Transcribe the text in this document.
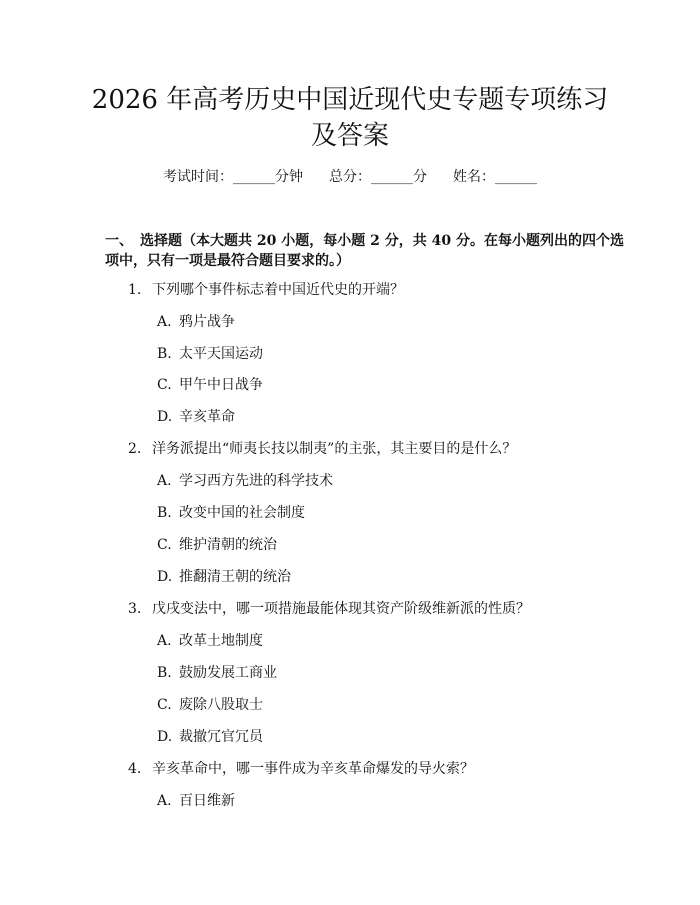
2026 年高考历史中国近现代史专题专项练习
及答案
考试时间：______分钟 总分：______分 姓名：______
一、　选择题（本大题共 20 小题，每小题 2 分，共 40 分。在每小题列出的四个选
项中，只有一项是最符合题目要求的。）
1. 下列哪个事件标志着中国近代史的开端？
A. 鸦片战争
B. 太平天国运动
C. 甲午中日战争
D. 辛亥革命
2. 洋务派提出“师夷长技以制夷”的主张，其主要目的是什么？
A. 学习西方先进的科学技术
B. 改变中国的社会制度
C. 维护清朝的统治
D. 推翻清王朝的统治
3. 戊戌变法中，哪一项措施最能体现其资产阶级维新派的性质？
A. 改革土地制度
B. 鼓励发展工商业
C. 废除八股取士
D. 裁撤冗官冗员
4. 辛亥革命中，哪一事件成为辛亥革命爆发的导火索？
A. 百日维新
